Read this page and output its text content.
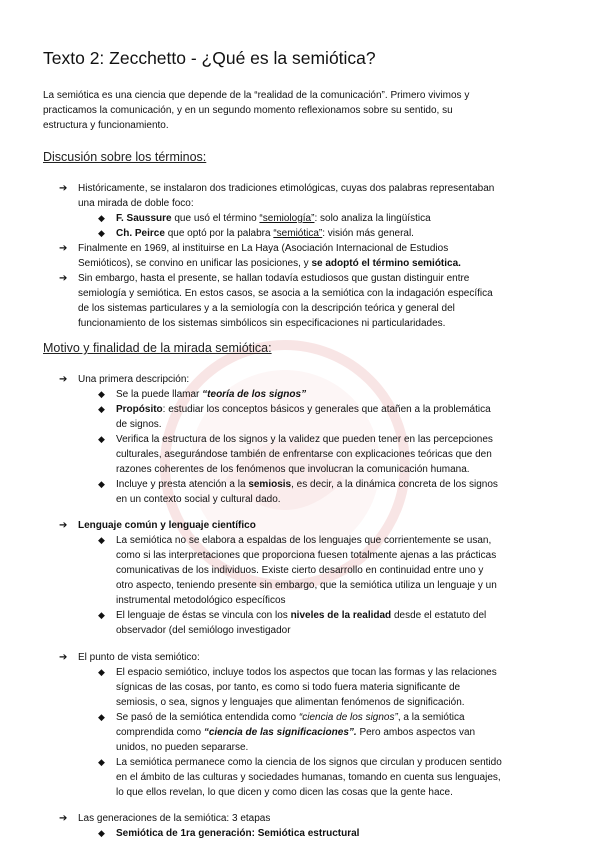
Texto 2: Zecchetto - ¿Qué es la semiótica?
La semiótica es una ciencia que depende de la “realidad de la comunicación”. Primero vivimos y
practicamos la comunicación, y en un segundo momento reflexionamos sobre su sentido, su
estructura y funcionamiento.
Discusión sobre los términos:
➔ Históricamente, se instalaron dos tradiciones etimológicas, cuyas dos palabras representaban
una mirada de doble foco:
◆ F. Saussure que usó el término “semiología”: solo analiza la lingüística
◆ Ch. Peirce que optó por la palabra “semiótica”: visión más general.
➔ Finalmente en 1969, al instituirse en La Haya (Asociación Internacional de Estudios
Semióticos), se convino en unificar las posiciones, y se adoptó el término semiótica.
➔ Sin embargo, hasta el presente, se hallan todavía estudiosos que gustan distinguir entre
semiología y semiótica. En estos casos, se asocia a la semiótica con la indagación específica
de los sistemas particulares y a la semiología con la descripción teórica y general del
funcionamiento de los sistemas simbólicos sin especificaciones ni particularidades.
Motivo y finalidad de la mirada semiótica:
➔ Una primera descripción:
◆ Se la puede llamar “teoría de los signos”
◆ Propósito: estudiar los conceptos básicos y generales que atañen a la problemática
de signos.
◆ Verifica la estructura de los signos y la validez que pueden tener en las percepciones
culturales, asegurándose también de enfrentarse con explicaciones teóricas que den
razones coherentes de los fenómenos que involucran la comunicación humana.
◆ Incluye y presta atención a la semiosis, es decir, a la dinámica concreta de los signos
en un contexto social y cultural dado.
➔ Lenguaje común y lenguaje científico
◆ La semiótica no se elabora a espaldas de los lenguajes que corrientemente se usan,
como si las interpretaciones que proporciona fuesen totalmente ajenas a las prácticas
comunicativas de los individuos. Existe cierto desarrollo en continuidad entre uno y
otro aspecto, teniendo presente sin embargo, que la semiótica utiliza un lenguaje y un
instrumental metodológico específicos
◆ El lenguaje de éstas se vincula con los niveles de la realidad desde el estatuto del
observador (del semiólogo investigador
➔ El punto de vista semiótico:
◆ El espacio semiótico, incluye todos los aspectos que tocan las formas y las relaciones
sígnicas de las cosas, por tanto, es como si todo fuera materia significante de
semiosis, o sea, signos y lenguajes que alimentan fenómenos de significación.
◆ Se pasó de la semiótica entendida como “ciencia de los signos”, a la semiótica
comprendida como “ciencia de las significaciones”. Pero ambos aspectos van
unidos, no pueden separarse.
◆ La semiótica permanece como la ciencia de los signos que circulan y producen sentido
en el ámbito de las culturas y sociedades humanas, tomando en cuenta sus lenguajes,
lo que ellos revelan, lo que dicen y como dicen las cosas que la gente hace.
➔ Las generaciones de la semiótica: 3 etapas
◆ Semiótica de 1ra generación: Semiótica estructural
